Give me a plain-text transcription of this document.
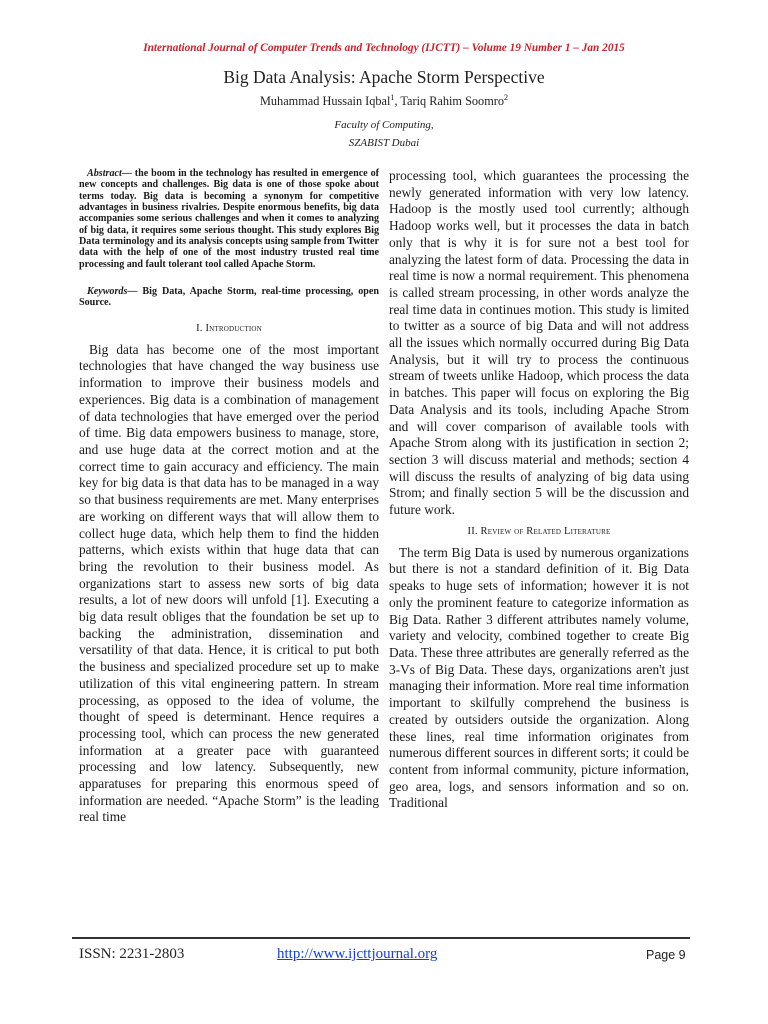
International Journal of Computer Trends and Technology (IJCTT) – Volume 19 Number 1 – Jan 2015
Big Data Analysis: Apache Storm Perspective
Muhammad Hussain Iqbal$^1$, Tariq Rahim Soomro$^2$
Faculty of Computing,
SZABIST Dubai

Abstract— the boom in the technology has resulted in emergence of new concepts and challenges. Big data is one of those spoke about terms today. Big data is becoming a synonym for competitive advantages in business rivalries. Despite enormous benefits, big data accompanies some serious challenges and when it comes to analyzing of big data, it requires some serious thought. This study explores Big Data terminology and its analysis concepts using sample from Twitter data with the help of one of the most industry trusted real time processing and fault tolerant tool called Apache Storm.

Keywords— Big Data, Apache Storm, real-time processing, open Source.

I. Introduction

Big data has become one of the most important technologies that have changed the way business use information to improve their business models and experiences. Big data is a combination of management of data technologies that have emerged over the period of time. Big data empowers business to manage, store, and use huge data at the correct motion and at the correct time to gain accuracy and efficiency. The main key for big data is that data has to be managed in a way so that business requirements are met. Many enterprises are working on different ways that will allow them to collect huge data, which help them to find the hidden patterns, which exists within that huge data that can bring the revolution to their business model. As organizations start to assess new sorts of big data results, a lot of new doors will unfold [1]. Executing a big data result obliges that the foundation be set up to backing the administration, dissemination and versatility of that data. Hence, it is critical to put both the business and specialized procedure set up to make utilization of this vital engineering pattern. In stream processing, as opposed to the idea of volume, the thought of speed is determinant. Hence requires a processing tool, which can process the new generated information at a greater pace with guaranteed processing and low latency. Subsequently, new apparatuses for preparing this enormous speed of information are needed. “Apache Storm” is the leading real time

processing tool, which guarantees the processing the newly generated information with very low latency. Hadoop is the mostly used tool currently; although Hadoop works well, but it processes the data in batch only that is why it is for sure not a best tool for analyzing the latest form of data. Processing the data in real time is now a normal requirement. This phenomena is called stream processing, in other words analyze the real time data in continues motion. This study is limited to twitter as a source of big Data and will not address all the issues which normally occurred during Big Data Analysis, but it will try to process the continuous stream of tweets unlike Hadoop, which process the data in batches. This paper will focus on exploring the Big Data Analysis and its tools, including Apache Strom and will cover comparison of available tools with Apache Strom along with its justification in section 2; section 3 will discuss material and methods; section 4 will discuss the results of analyzing of big data using Strom; and finally section 5 will be the discussion and future work.

II. Review of Related Literature

The term Big Data is used by numerous organizations but there is not a standard definition of it. Big Data speaks to huge sets of information; however it is not only the prominent feature to categorize information as Big Data. Rather 3 different attributes namely volume, variety and velocity, combined together to create Big Data. These three attributes are generally referred as the 3-Vs of Big Data. These days, organizations aren't just managing their information. More real time information important to skilfully comprehend the business is created by outsiders outside the organization. Along these lines, real time information originates from numerous different sources in different sorts; it could be content from informal community, picture information, geo area, logs, and sensors information and so on. Traditional

ISSN: 2231-2803	http://www.ijcttjournal.org	Page 9
